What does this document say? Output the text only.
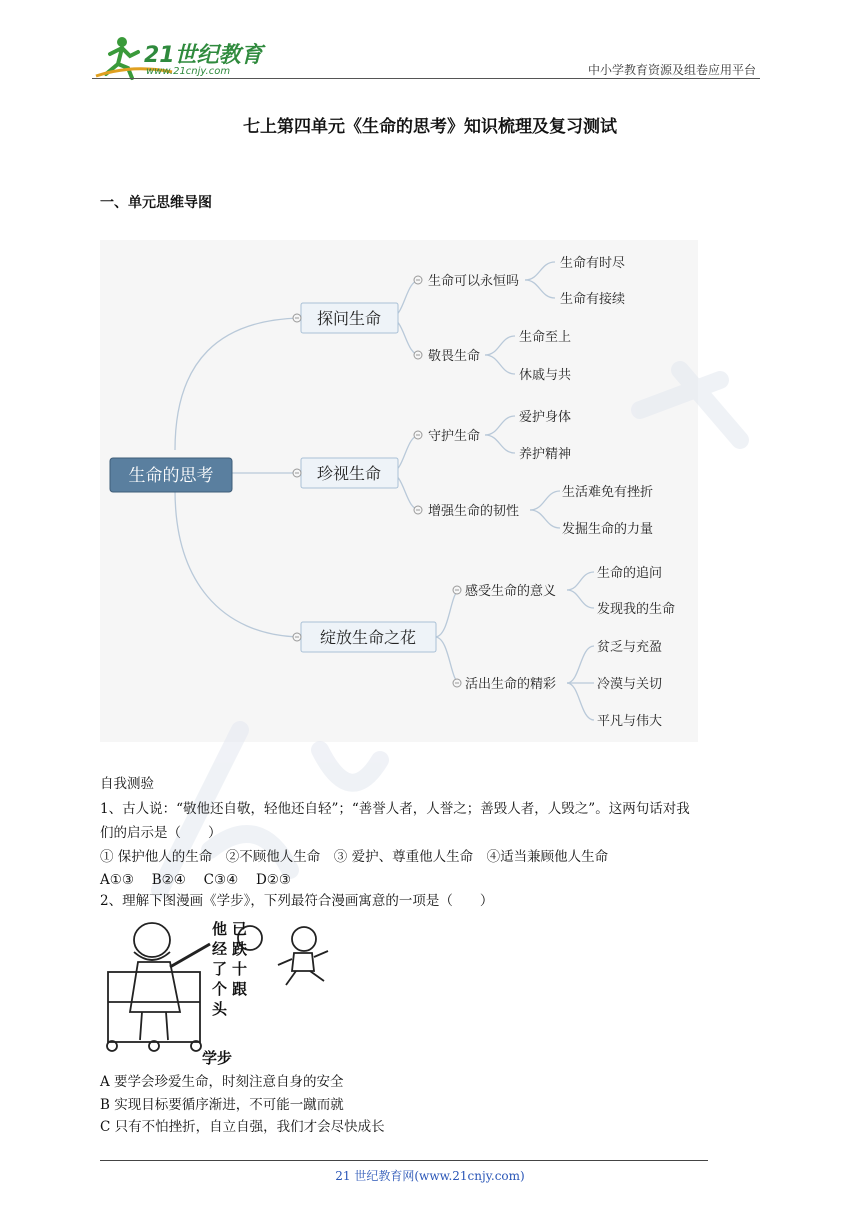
21世纪教育
www.21cnjy.com	中小学教育资源及组卷应用平台
七上第四单元《生命的思考》知识梳理及复习测试
一、单元思维导图
生命的思考
探问生命
珍视生命
绽放生命之花
生命可以永恒吗
敬畏生命
守护生命
增强生命的韧性
感受生命的意义
活出生命的精彩
生命有时尽
生命有接续
生命至上
休戚与共
爱护身体
养护精神
生活难免有挫折
发掘生命的力量
生命的追问
发现我的生命
贫乏与充盈
冷漠与关切
平凡与伟大
自我测验
1、古人说：“敬他还自敬，轻他还自轻”；“善誉人者，人誉之；善毁人者，人毁之”。这两句话对我
们的启示是（　　）
① 保护他人的生命　②不顾他人生命　③ 爱护、尊重他人生命　④适当兼顾他人生命
A①③　 B②④　 C③④　 D②③
2、理解下图漫画《学步》，下列最符合漫画寓意的一项是（　　）
他 已
经 跌
了 十
个 跟
头
学步
A 要学会珍爱生命，时刻注意自身的安全
B 实现目标要循序渐进，不可能一蹴而就
C 只有不怕挫折，自立自强，我们才会尽快成长
21 世纪教育网(www.21cnjy.com)
